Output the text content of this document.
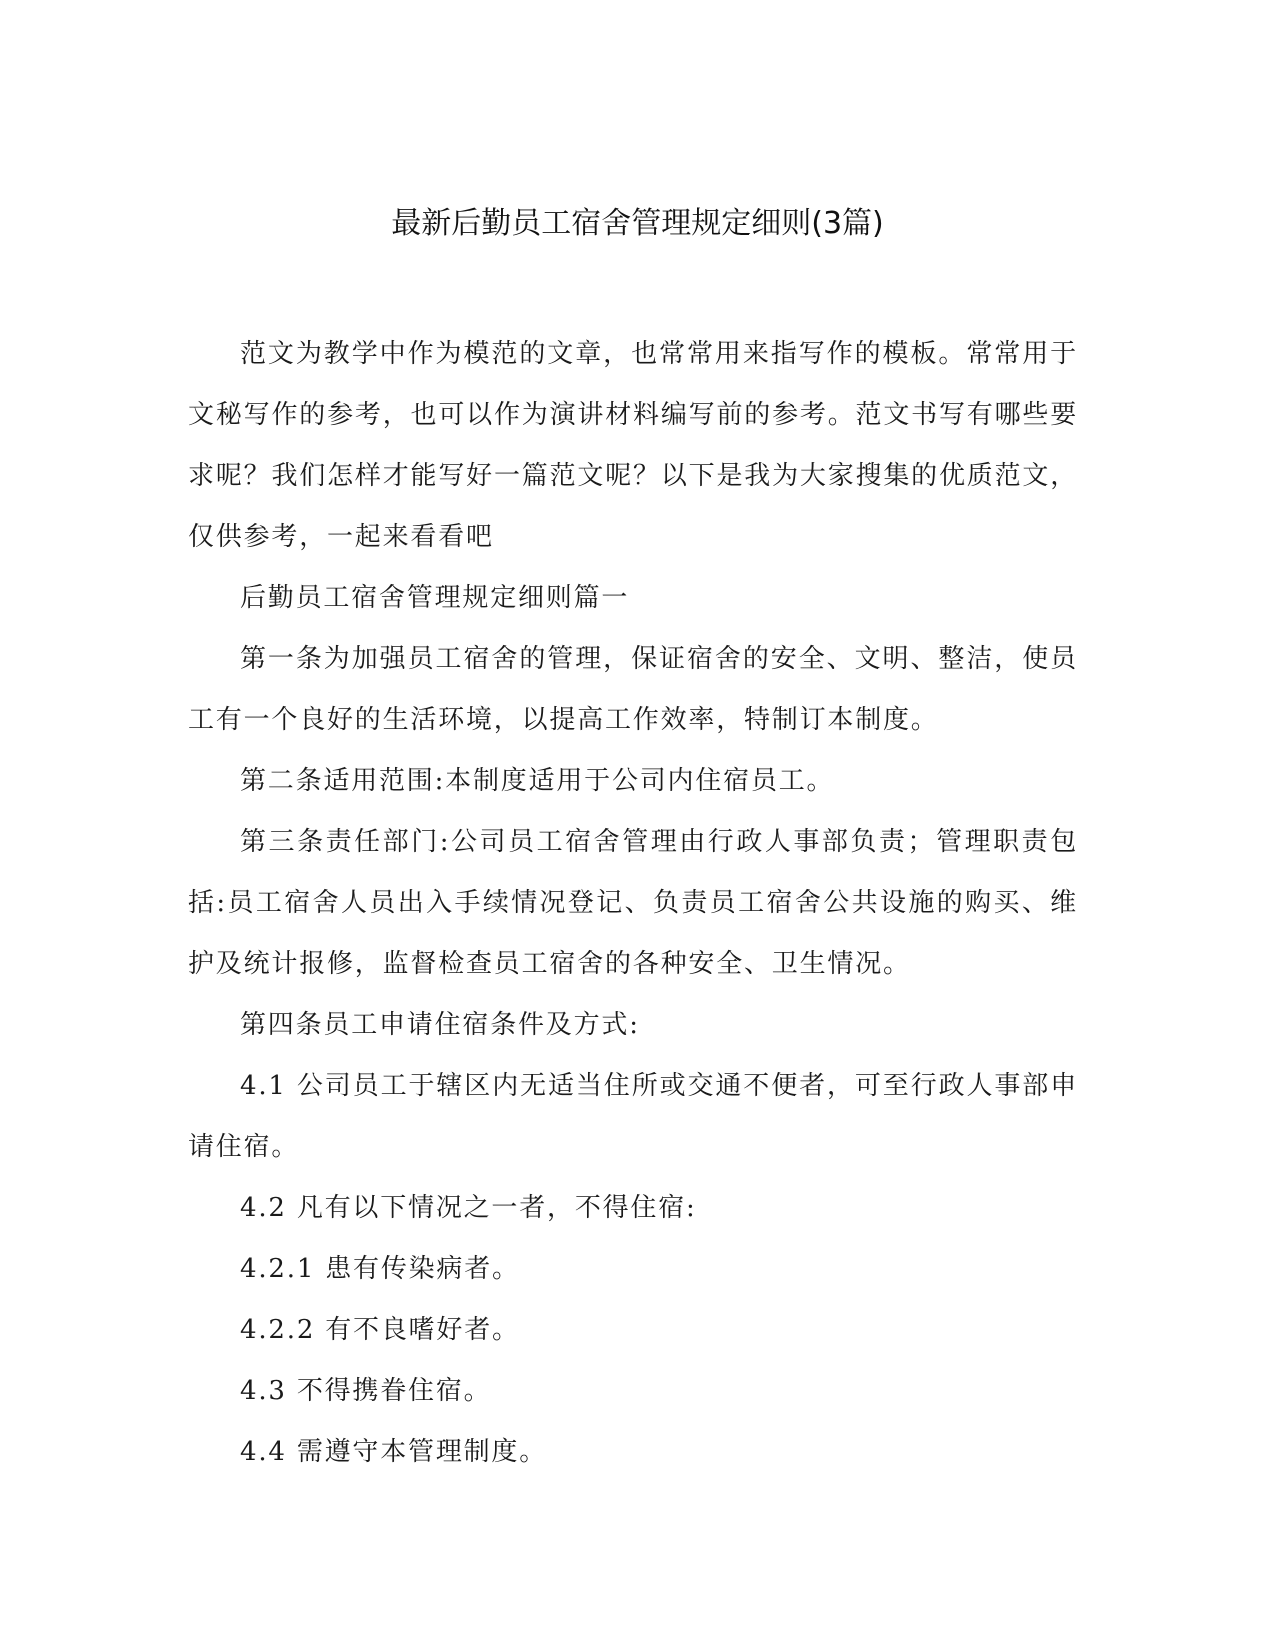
最新后勤员工宿舍管理规定细则(3篇)

范文为教学中作为模范的文章，也常常用来指写作的模板。常常用于文秘写作的参考，也可以作为演讲材料编写前的参考。范文书写有哪些要求呢？我们怎样才能写好一篇范文呢？以下是我为大家搜集的优质范文，仅供参考，一起来看看吧

后勤员工宿舍管理规定细则篇一

第一条为加强员工宿舍的管理，保证宿舍的安全、文明、整洁，使员工有一个良好的生活环境，以提高工作效率，特制订本制度。

第二条适用范围:本制度适用于公司内住宿员工。

第三条责任部门:公司员工宿舍管理由行政人事部负责；管理职责包括:员工宿舍人员出入手续情况登记、负责员工宿舍公共设施的购买、维护及统计报修，监督检查员工宿舍的各种安全、卫生情况。

第四条员工申请住宿条件及方式:

4.1 公司员工于辖区内无适当住所或交通不便者，可至行政人事部申请住宿。

4.2 凡有以下情况之一者，不得住宿:

4.2.1 患有传染病者。

4.2.2 有不良嗜好者。

4.3 不得携眷住宿。

4.4 需遵守本管理制度。
